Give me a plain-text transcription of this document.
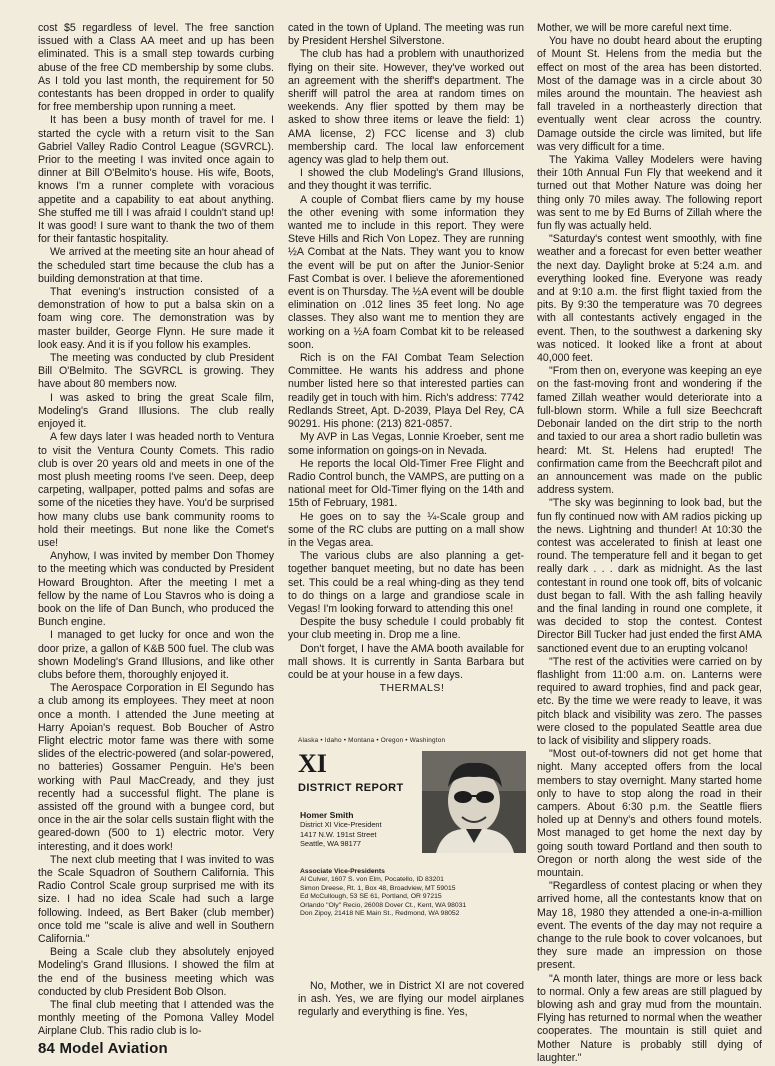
cost $5 regardless of level. The free sanction issued with a Class AA meet and up has been eliminated. This is a small step towards curbing abuse of the free CD membership by some clubs. As I told you last month, the requirement for 50 contestants has been dropped in order to qualify for free membership upon running a meet.

It has been a busy month of travel for me. I started the cycle with a return visit to the San Gabriel Valley Radio Control League (SGVRCL). Prior to the meeting I was invited once again to dinner at Bill O'Belmito's house. His wife, Boots, knows I'm a runner complete with voracious appetite and a capability to eat about anything. She stuffed me till I was afraid I couldn't stand up! It was good! I sure want to thank the two of them for their fantastic hospitality.

We arrived at the meeting site an hour ahead of the scheduled start time because the club has a building demonstration at that time.

That evening's instruction consisted of a demonstration of how to put a balsa skin on a foam wing core. The demonstration was by master builder, George Flynn. He sure made it look easy. And it is if you follow his examples.

The meeting was conducted by club President Bill O'Belmito. The SGVRCL is growing. They have about 80 members now.

I was asked to bring the great Scale film, Modeling's Grand Illusions. The club really enjoyed it.

A few days later I was headed north to Ventura to visit the Ventura County Comets. This radio club is over 20 years old and meets in one of the most plush meeting rooms I've seen. Deep, deep carpeting, wallpaper, potted palms and sofas are some of the niceties they have. You'd be surprised how many clubs use bank community rooms to hold their meetings. But none like the Comet's use!

Anyhow, I was invited by member Don Thomey to the meeting which was conducted by President Howard Broughton. After the meeting I met a fellow by the name of Lou Stavros who is doing a book on the life of Dan Bunch, who produced the Bunch engine.

I managed to get lucky for once and won the door prize, a gallon of K&B 500 fuel. The club was shown Modeling's Grand Illusions, and like other clubs before them, thoroughly enjoyed it.

The Aerospace Corporation in El Segundo has a club among its employees. They meet at noon once a month. I attended the June meeting at Harry Apoian's request. Bob Boucher of Astro Flight electric motor fame was there with some slides of the electric-powered (and solar-powered, no batteries) Gossamer Penguin. He's been working with Paul MacCready, and they just recently had a successful flight. The plane is assisted off the ground with a bungee cord, but once in the air the solar cells sustain flight with the geared-down (500 to 1) electric motor. Very interesting, and it does work!

The next club meeting that I was invited to was the Scale Squadron of Southern California. This Radio Control Scale group surprised me with its size. I had no idea Scale had such a large following. Indeed, as Bert Baker (club member) once told me "scale is alive and well in Southern California."

Being a Scale club they absolutely enjoyed Modeling's Grand Illusions. I showed the film at the end of the business meeting which was conducted by club President Bob Olson.

The final club meeting that I attended was the monthly meeting of the Pomona Valley Model Airplane Club. This radio club is lo-

cated in the town of Upland. The meeting was run by President Hershel Silverstone.

The club has had a problem with unauthorized flying on their site. However, they've worked out an agreement with the sheriff's department. The sheriff will patrol the area at random times on weekends. Any flier spotted by them may be asked to show three items or leave the field: 1) AMA license, 2) FCC license and 3) club membership card. The local law enforcement agency was glad to help them out.

I showed the club Modeling's Grand Illusions, and they thought it was terrific.

A couple of Combat fliers came by my house the other evening with some information they wanted me to include in this report. They were Steve Hills and Rich Von Lopez. They are running ½A Combat at the Nats. They want you to know the event will be put on after the Junior-Senior Fast Combat is over. I believe the aforementioned event is on Thursday. The ½A event will be double elimination on .012 lines 35 feet long. No age classes. They also want me to mention they are working on a ½A foam Combat kit to be released soon.

Rich is on the FAI Combat Team Selection Committee. He wants his address and phone number listed here so that interested parties can readily get in touch with him. Rich's address: 7742 Redlands Street, Apt. D-2039, Playa Del Rey, CA 90291. His phone: (213) 821-0857.

My AVP in Las Vegas, Lonnie Kroeber, sent me some information on goings-on in Nevada.

He reports the local Old-Timer Free Flight and Radio Control bunch, the VAMPS, are putting on a national meet for Old-Timer flying on the 14th and 15th of February, 1981.

He goes on to say the ¼-Scale group and some of the RC clubs are putting on a mall show in the Vegas area.

The various clubs are also planning a get-together banquet meeting, but no date has been set. This could be a real whing-ding as they tend to do things on a large and grandiose scale in Vegas! I'm looking forward to attending this one!

Despite the busy schedule I could probably fit your club meeting in. Drop me a line.

Don't forget, I have the AMA booth available for mall shows. It is currently in Santa Barbara but could be at your house in a few days.

THERMALS!

Alaska • Idaho • Montana • Oregon • Washington
XI
DISTRICT REPORT
Homer Smith
District XI Vice-President
1417 N.W. 191st Street
Seattle, WA 98177
Associate Vice-Presidents
Al Culver, 1607 S. von Elm, Pocatello, ID 83201
Simon Dreese, Rt. 1, Box 48, Broadview, MT 59015
Ed McCullough, 53 SE 61, Portland, OR 97215
Orlando "Oly" Recio, 26008 Dover Ct., Kent, WA 98031
Don Zipoy, 21418 NE Main St., Redmond, WA 98052
No, Mother, we in District XI are not covered in ash. Yes, we are flying our model airplanes regularly and everything is fine. Yes,

Mother, we will be more careful next time.

You have no doubt heard about the erupting of Mount St. Helens from the media but the effect on most of the area has been distorted. Most of the damage was in a circle about 30 miles around the mountain. The heaviest ash fall traveled in a northeasterly direction that eventually went clear across the country. Damage outside the circle was limited, but life was very difficult for a time.

The Yakima Valley Modelers were having their 10th Annual Fun Fly that weekend and it turned out that Mother Nature was doing her thing only 70 miles away. The following report was sent to me by Ed Burns of Zillah where the fun fly was actually held.

"Saturday's contest went smoothly, with fine weather and a forecast for even better weather the next day. Daylight broke at 5:24 a.m. and everything looked fine. Everyone was ready and at 9:10 a.m. the first flight taxied from the pits. By 9:30 the temperature was 70 degrees with all contestants actively engaged in the event. Then, to the southwest a darkening sky was noticed. It looked like a front at about 40,000 feet.

"From then on, everyone was keeping an eye on the fast-moving front and wondering if the famed Zillah weather would deteriorate into a full-blown storm. While a full size Beechcraft Debonair landed on the dirt strip to the north and taxied to our area a short radio bulletin was heard: Mt. St. Helens had erupted! The confirmation came from the Beechcraft pilot and an announcement was made on the public address system.

"The sky was beginning to look bad, but the fun fly continued now with AM radios picking up the news. Lightning and thunder! At 10:30 the contest was accelerated to finish at least one round. The temperature fell and it began to get really dark . . . dark as midnight. As the last contestant in round one took off, bits of volcanic dust began to fall. With the ash falling heavily and the final landing in round one complete, it was decided to stop the contest. Contest Director Bill Tucker had just ended the first AMA sanctioned event due to an erupting volcano!

"The rest of the activities were carried on by flashlight from 11:00 a.m. on. Lanterns were required to award trophies, find and pack gear, etc. By the time we were ready to leave, it was pitch black and visibility was zero. The passes were closed to the populated Seattle area due to lack of visibility and slippery roads.

"Most out-of-towners did not get home that night. Many accepted offers from the local members to stay overnight. Many started home only to have to stop along the road in their campers. About 6:30 p.m. the Seattle fliers holed up at Denny's and others found motels. Most managed to get home the next day by going south toward Portland and then south to Oregon or north along the west side of the mountain.

"Regardless of contest placing or when they arrived home, all the contestants know that on May 18, 1980 they attended a one-in-a-million event. The events of the day may not require a change to the rule book to cover volcanoes, but they sure made an impression on those present.

"A month later, things are more or less back to normal. Only a few areas are still plagued by blowing ash and gray mud from the mountain. Flying has returned to normal when the weather cooperates. The mountain is still quiet and Mother Nature is probably still dying of laughter."

84 Model Aviation
